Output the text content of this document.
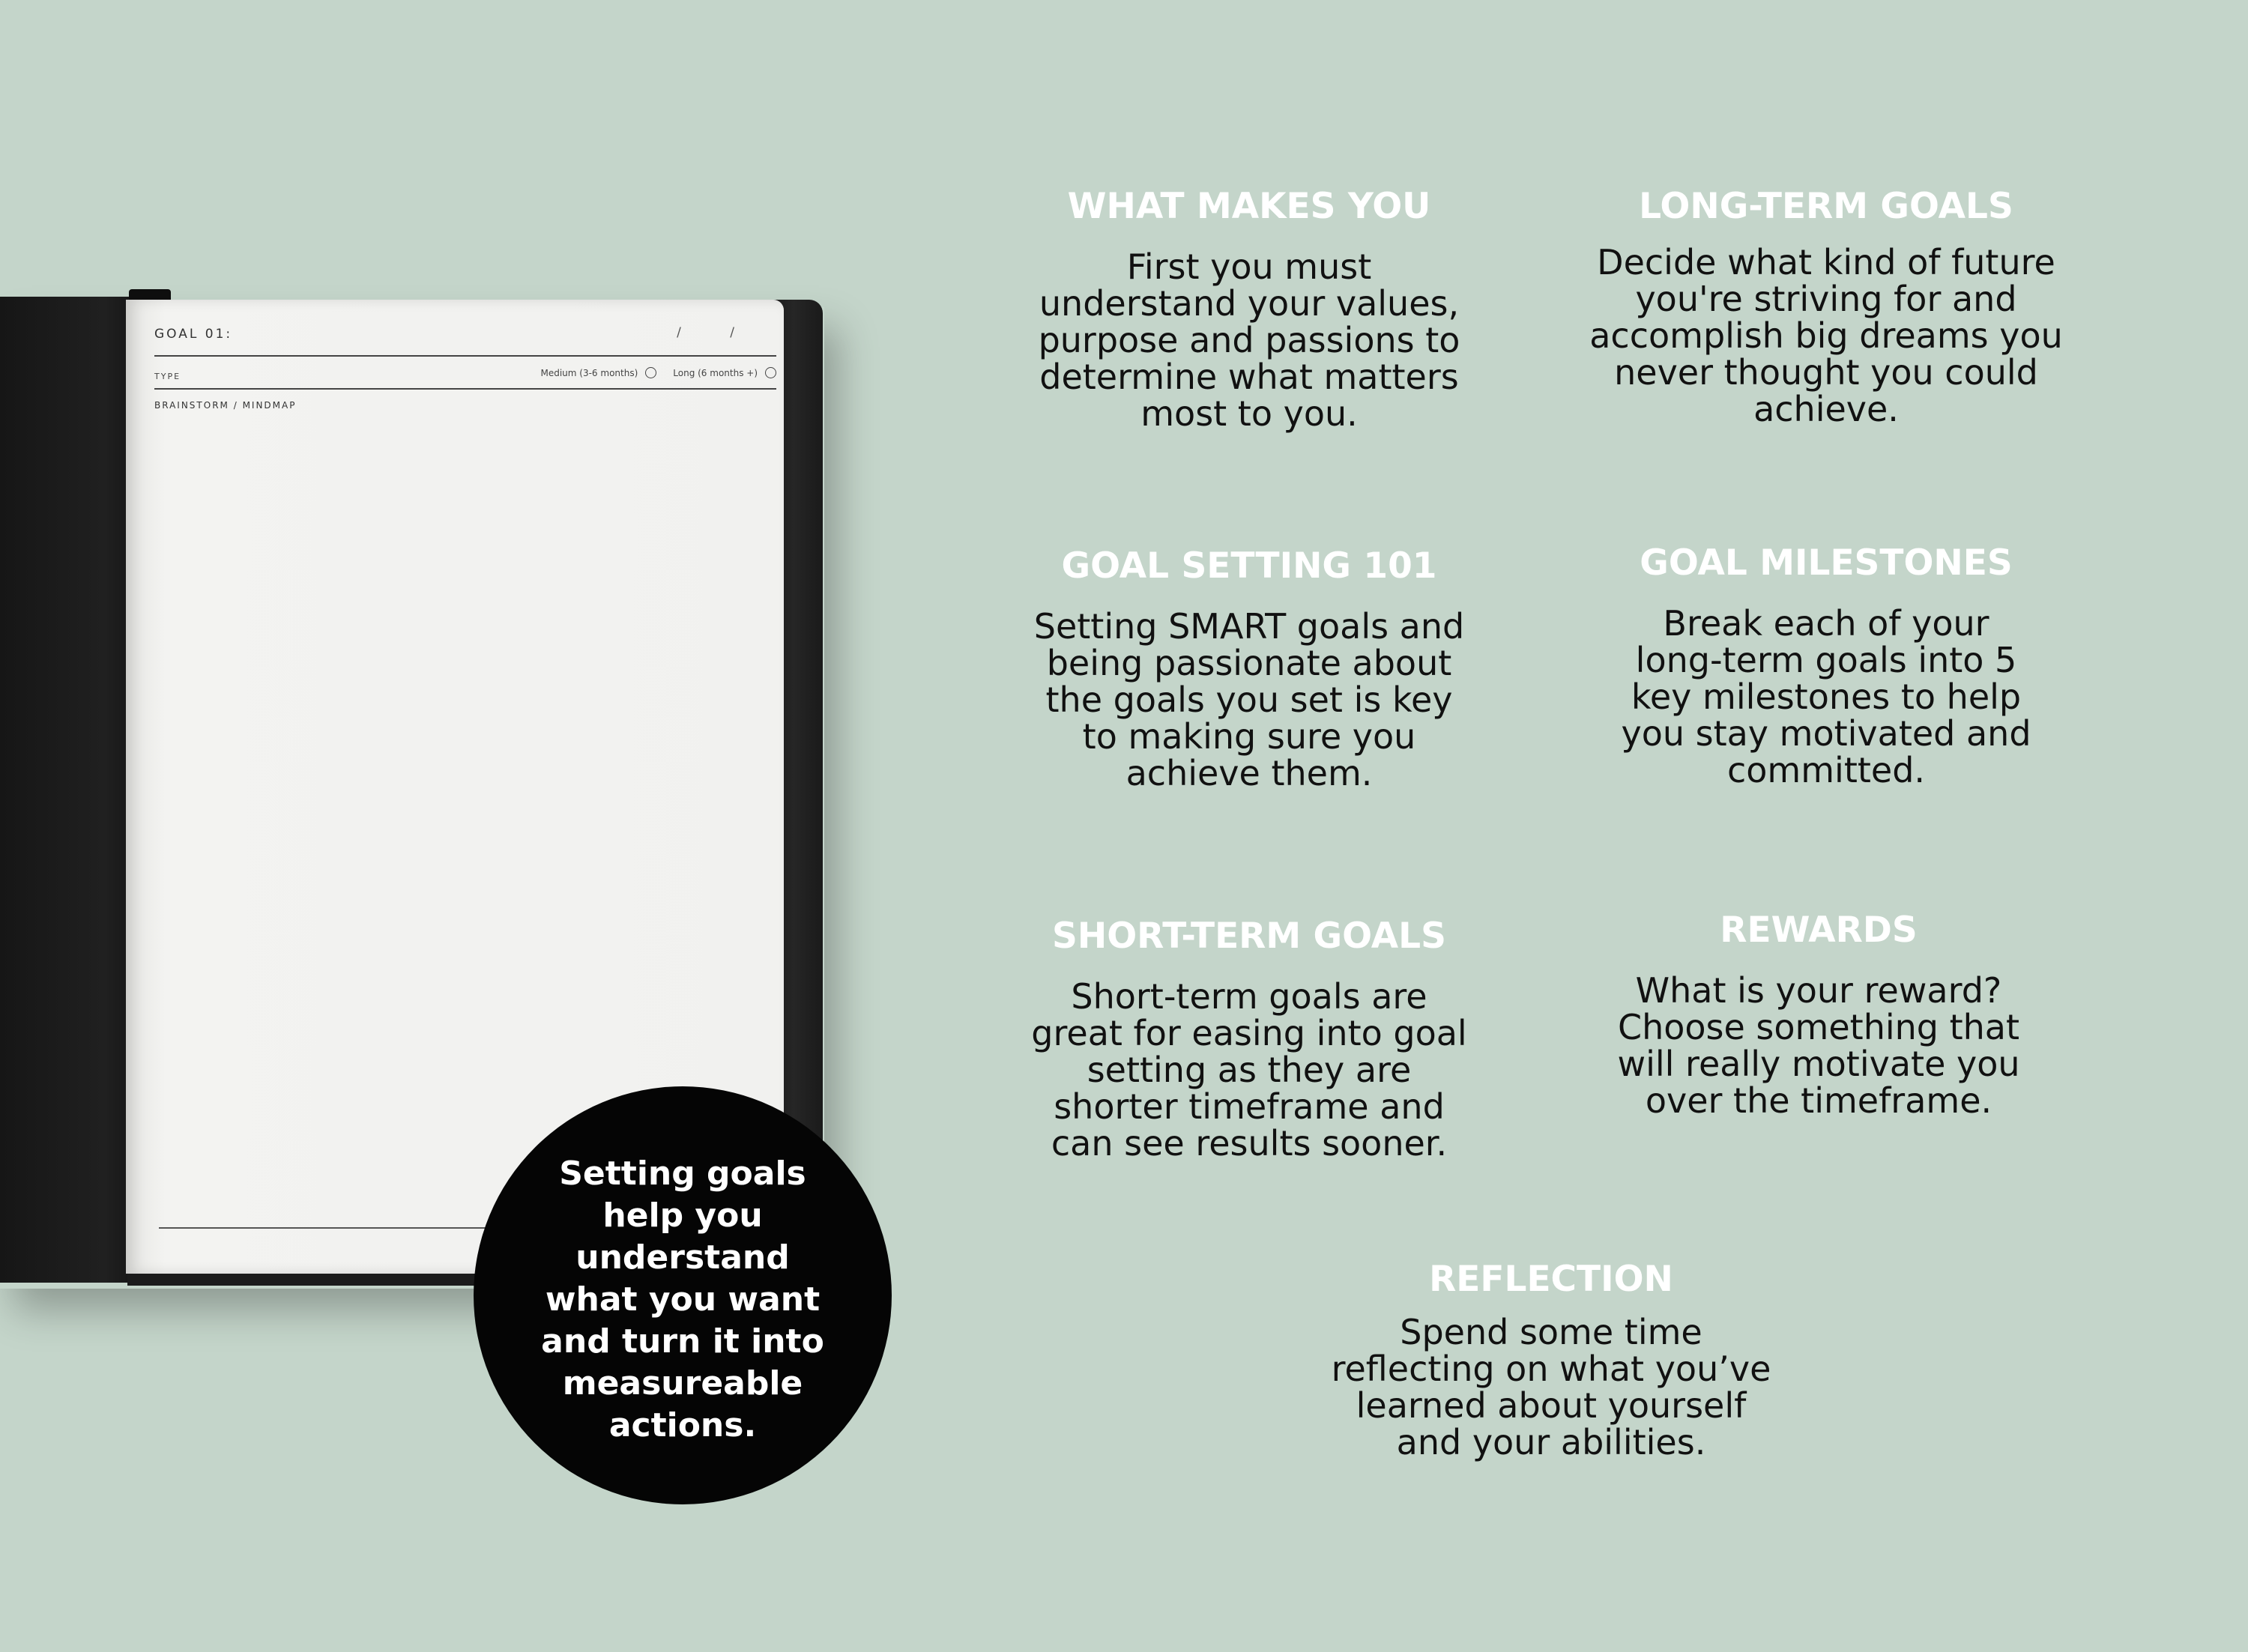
GOAL 01:	/ /
TYPE	Medium (3-6 months)	Long (6 months +)
BRAINSTORM / MINDMAP
Setting goals help you understand what you want and turn it into measureable actions.
WHAT MAKES YOU
First you must understand your values, purpose and passions to determine what matters most to you.
LONG-TERM GOALS
Decide what kind of future you're striving for and accomplish big dreams you never thought you could achieve.
GOAL SETTING 101
Setting SMART goals and being passionate about the goals you set is key to making sure you achieve them.
GOAL MILESTONES
Break each of your long-term goals into 5 key milestones to help you stay motivated and committed.
SHORT-TERM GOALS
Short-term goals are great for easing into goal setting as they are shorter timeframe and can see results sooner.
REWARDS
What is your reward? Choose something that will really motivate you over the timeframe.
REFLECTION
Spend some time reflecting on what you’ve learned about yourself and your abilities.
